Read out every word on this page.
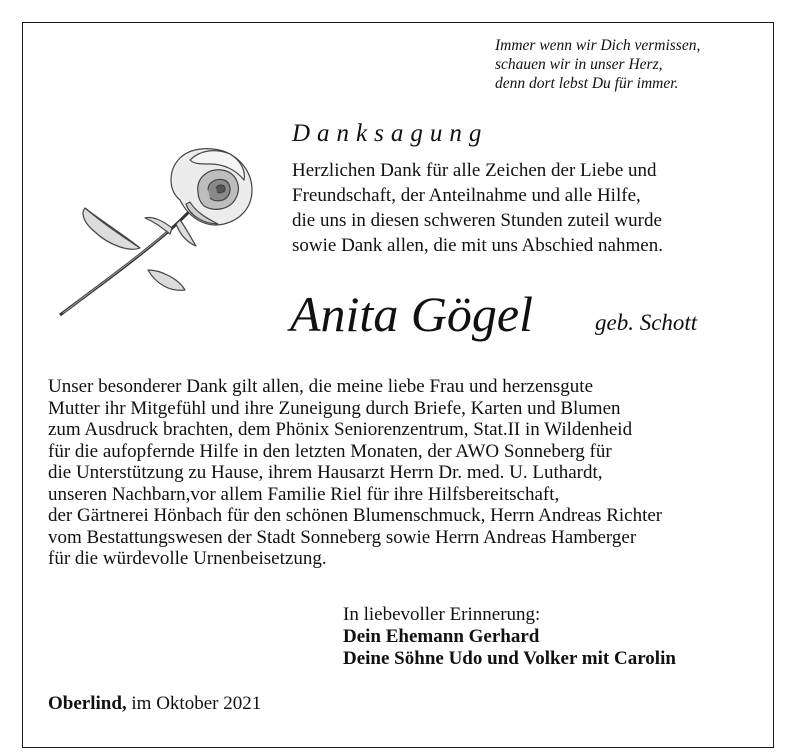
Immer wenn wir Dich vermissen,
schauen wir in unser Herz,
denn dort lebst Du für immer.
Danksagung
Herzlichen Dank für alle Zeichen der Liebe und
Freundschaft, der Anteilnahme und alle Hilfe,
die uns in diesen schweren Stunden zuteil wurde
sowie Dank allen, die mit uns Abschied nahmen.
Anita Gögel	geb. Schott
Unser besonderer Dank gilt allen, die meine liebe Frau und herzensgute
Mutter ihr Mitgefühl und ihre Zuneigung durch Briefe, Karten und Blumen
zum Ausdruck brachten, dem Phönix Seniorenzentrum, Stat.II in Wildenheid
für die aufopfernde Hilfe in den letzten Monaten, der AWO Sonneberg für
die Unterstützung zu Hause, ihrem Hausarzt Herrn Dr. med. U. Luthardt,
unseren Nachbarn,vor allem Familie Riel für ihre Hilfsbereitschaft,
der Gärtnerei Hönbach für den schönen Blumenschmuck, Herrn Andreas Richter
vom Bestattungswesen der Stadt Sonneberg sowie Herrn Andreas Hamberger
für die würdevolle Urnenbeisetzung.
In liebevoller Erinnerung:
Dein Ehemann Gerhard
Deine Söhne Udo und Volker mit Carolin
Oberlind, im Oktober 2021
